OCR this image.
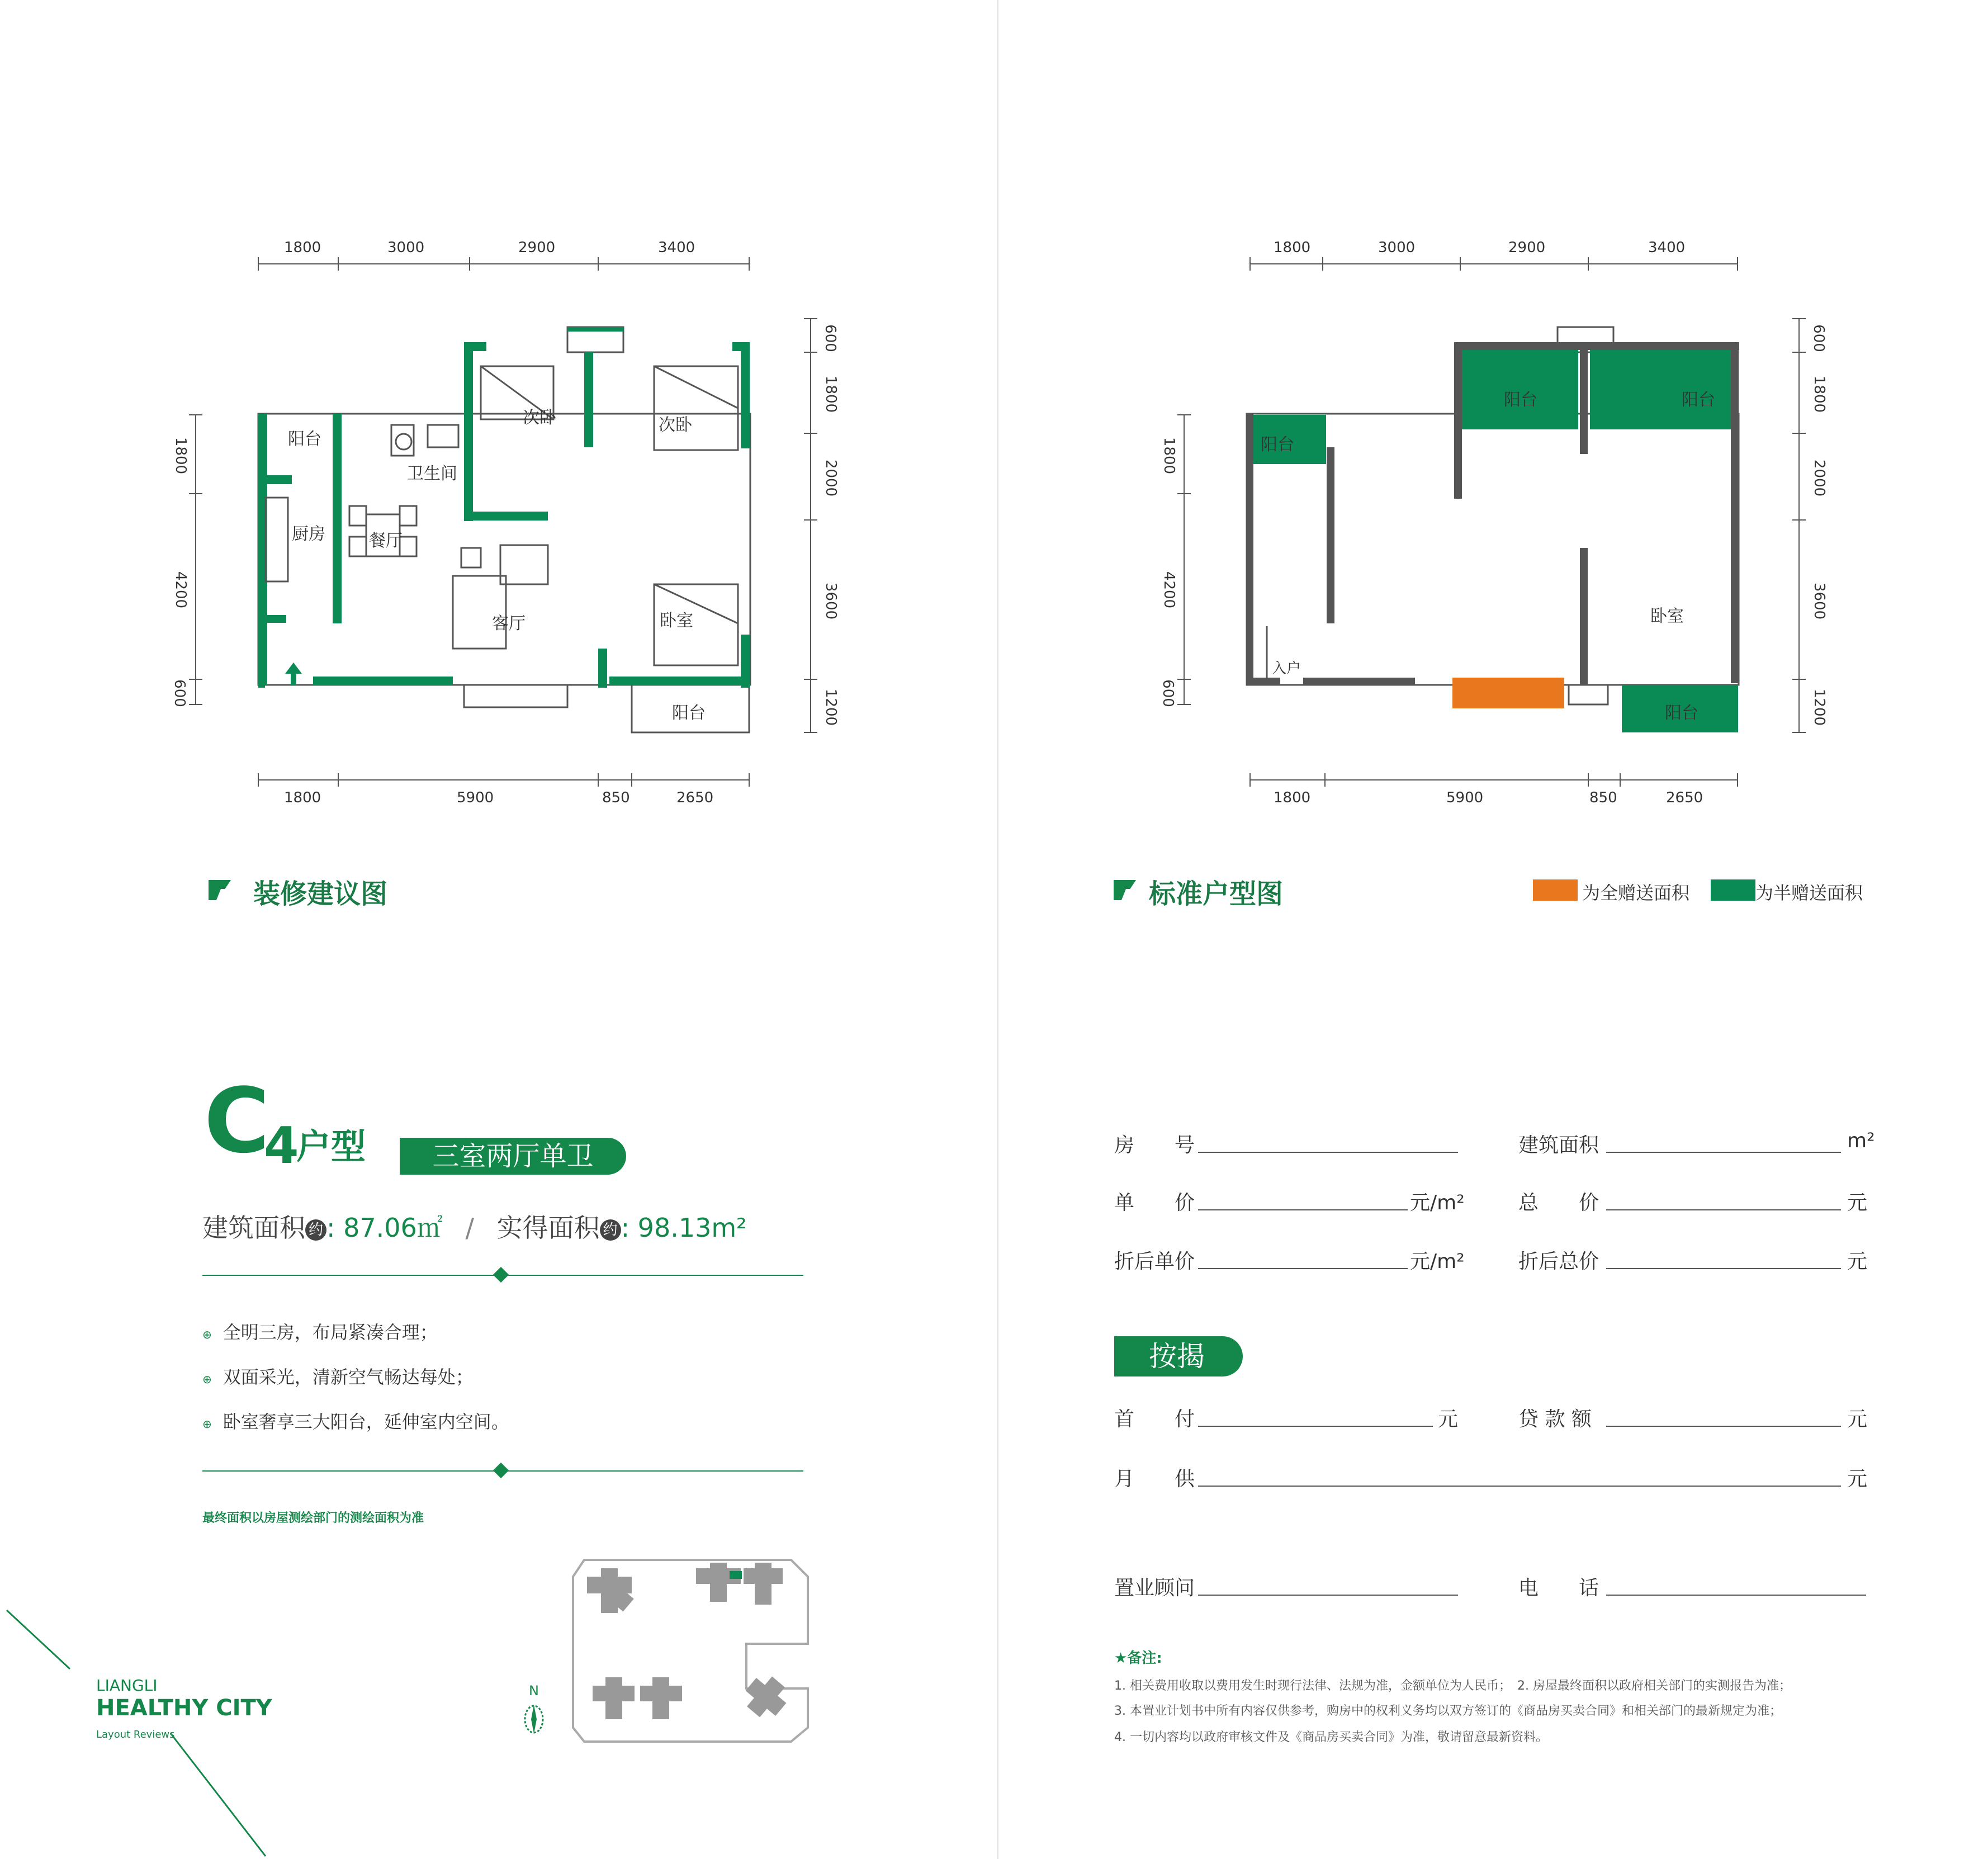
1800	3000	2900	3400
1800	5900	850	2650
1800
4200
600
600
1800
2000
3600
1200
阳台
卫生间
厨房	餐厅
次卧	次卧
客厅	卧室
阳台
装修建议图
1800	3000	2900	3400
1800	5900	850	2650
1800
4200
600
600
1800
2000
3600
1200
阳台
阳台	阳台
卧室
阳台
入户
标准户型图	为全赠送面积	为半赠送面积
C
4
户型	三室两厅单卫
建筑面积 约 : 87.06㎡ / 实得面积 约 : 98.13m²
⊕ 全明三房，布局紧凑合理；
⊕ 双面采光，清新空气畅达每处；
⊕ 卧室奢享三大阳台，延伸室内空间。
最终面积以房屋测绘部门的测绘面积为准
LIANGLI
HEALTHY CITY
Layout Reviews
N
房　　号	建筑面积	m²
单　　价	元/m²	总　　价	元
折后单价	元/m²	折后总价	元
按揭
首　　付	元	贷 款 额	元
月　　供	元
置业顾问	电　　话
★备注:
1. 相关费用收取以费用发生时现行法律、法规为准，金额单位为人民币；　2. 房屋最终面积以政府相关部门的实测报告为准；
3. 本置业计划书中所有内容仅供参考，购房中的权利义务均以双方签订的《商品房买卖合同》和相关部门的最新规定为准；
4. 一切内容均以政府审核文件及《商品房买卖合同》为准，敬请留意最新资料。
